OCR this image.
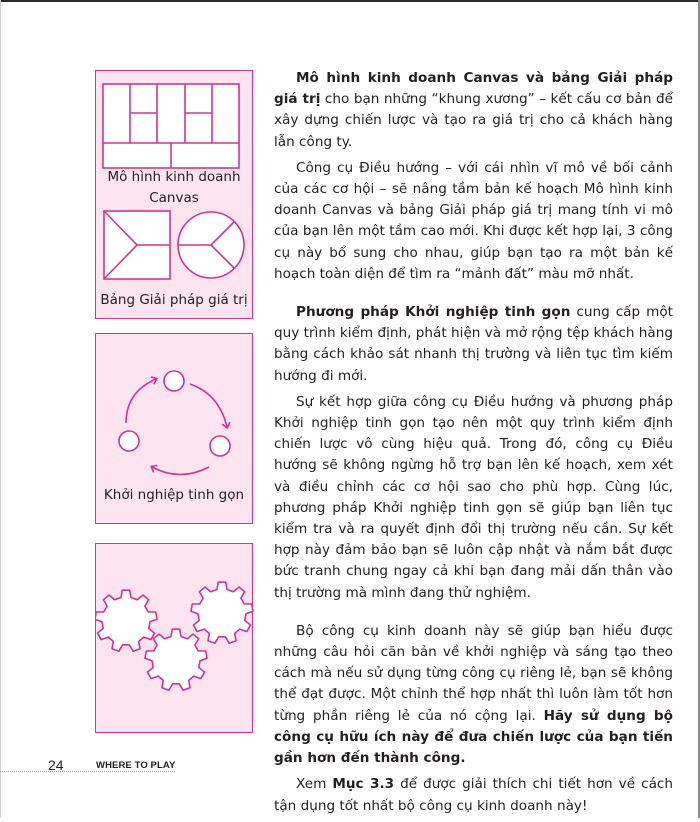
Mô hình kinh doanh
Canvas
Bảng Giải pháp giá trị
Khởi nghiệp tinh gọn

Mô hình kinh doanh Canvas và bảng Giải pháp giá trị cho bạn những “khung xương” – kết cấu cơ bản để xây dựng chiến lược và tạo ra giá trị cho cả khách hàng lẫn công ty.

Công cụ Điều hướng – với cái nhìn vĩ mô về bối cảnh của các cơ hội – sẽ nâng tầm bản kế hoạch Mô hình kinh doanh Canvas và bảng Giải pháp giá trị mang tính vi mô của bạn lên một tầm cao mới. Khi được kết hợp lại, 3 công cụ này bổ sung cho nhau, giúp bạn tạo ra một bản kế hoạch toàn diện để tìm ra “mảnh đất” màu mỡ nhất.

Phương pháp Khởi nghiệp tinh gọn cung cấp một quy trình kiểm định, phát hiện và mở rộng tệp khách hàng bằng cách khảo sát nhanh thị trường và liên tục tìm kiếm hướng đi mới.

Sự kết hợp giữa công cụ Điều hướng và phương pháp Khởi nghiệp tinh gọn tạo nên một quy trình kiểm định chiến lược vô cùng hiệu quả. Trong đó, công cụ Điều hướng sẽ không ngừng hỗ trợ bạn lên kế hoạch, xem xét và điều chỉnh các cơ hội sao cho phù hợp. Cùng lúc, phương pháp Khởi nghiệp tinh gọn sẽ giúp bạn liên tục kiểm tra và ra quyết định đổi thị trường nếu cần. Sự kết hợp này đảm bảo bạn sẽ luôn cập nhật và nắm bắt được bức tranh chung ngay cả khi bạn đang mải dấn thân vào thị trường mà mình đang thử nghiệm.

Bộ công cụ kinh doanh này sẽ giúp bạn hiểu được những câu hỏi căn bản về khởi nghiệp và sáng tạo theo cách mà nếu sử dụng từng công cụ riêng lẻ, bạn sẽ không thể đạt được. Một chỉnh thể hợp nhất thì luôn làm tốt hơn từng phần riêng lẻ của nó cộng lại. Hãy sử dụng bộ công cụ hữu ích này để đưa chiến lược của bạn tiến gần hơn đến thành công.

Xem Mục 3.3 để được giải thích chi tiết hơn về cách tận dụng tốt nhất bộ công cụ kinh doanh này!

24	WHERE TO PLAY
